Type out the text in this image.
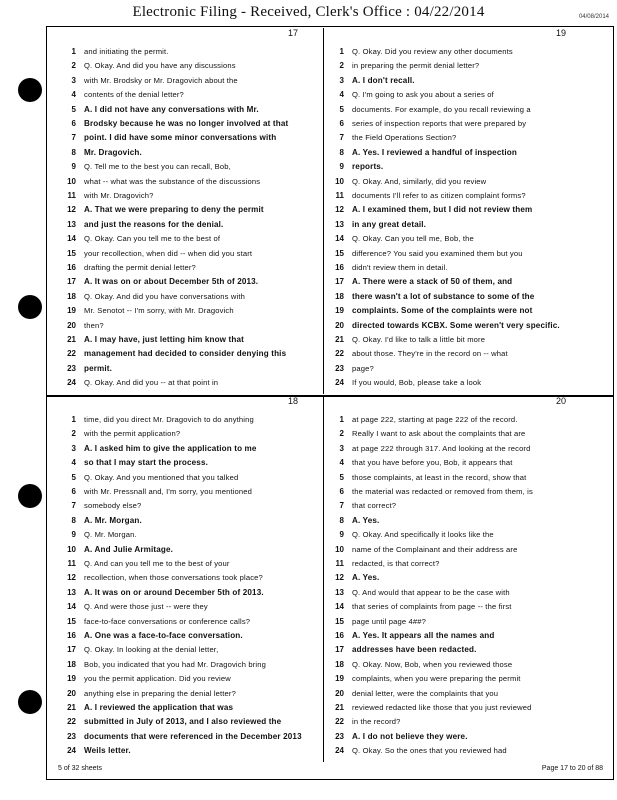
Electronic Filing - Received, Clerk's Office : 04/22/2014	04/08/2014
17
1 and initiating the permit.
2 Q. Okay. And did you have any discussions
3 with Mr. Brodsky or Mr. Dragovich about the
4 contents of the denial letter?
5 A. I did not have any conversations with Mr.
6 Brodsky because he was no longer involved at that
7 point. I did have some minor conversations with
8 Mr. Dragovich.
9 Q. Tell me to the best you can recall, Bob,
10 what -- what was the substance of the discussions
11 with Mr. Dragovich?
12 A. That we were preparing to deny the permit
13 and just the reasons for the denial.
14 Q. Okay. Can you tell me to the best of
15 your recollection, when did -- when did you start
16 drafting the permit denial letter?
17 A. It was on or about December 5th of 2013.
18 Q. Okay. And did you have conversations with
19 Mr. Senotot -- I'm sorry, with Mr. Dragovich
20 then?
21 A. I may have, just letting him know that
22 management had decided to consider denying this
23 permit.
24 Q. Okay. And did you -- at that point in
19
1 Q. Okay. Did you review any other documents
2 in preparing the permit denial letter?
3 A. I don't recall.
4 Q. I'm going to ask you about a series of
5 documents. For example, do you recall reviewing a
6 series of inspection reports that were prepared by
7 the Field Operations Section?
8 A. Yes. I reviewed a handful of inspection
9 reports.
10 Q. Okay. And, similarly, did you review
11 documents I'll refer to as citizen complaint forms?
12 A. I examined them, but I did not review them
13 in any great detail.
14 Q. Okay. Can you tell me, Bob, the
15 difference? You said you examined them but you
16 didn't review them in detail.
17 A. There were a stack of 50 of them, and
18 there wasn't a lot of substance to some of the
19 complaints. Some of the complaints were not
20 directed towards KCBX. Some weren't very specific.
21 Q. Okay. I'd like to talk a little bit more
22 about those. They're in the record on -- what
23 page?
24 If you would, Bob, please take a look
18
1 time, did you direct Mr. Dragovich to do anything
2 with the permit application?
3 A. I asked him to give the application to me
4 so that I may start the process.
5 Q. Okay. And you mentioned that you talked
6 with Mr. Pressnall and, I'm sorry, you mentioned
7 somebody else?
8 A. Mr. Morgan.
9 Q. Mr. Morgan.
10 A. And Julie Armitage.
11 Q. And can you tell me to the best of your
12 recollection, when those conversations took place?
13 A. It was on or around December 5th of 2013.
14 Q. And were those just -- were they
15 face-to-face conversations or conference calls?
16 A. One was a face-to-face conversation.
17 Q. Okay. In looking at the denial letter,
18 Bob, you indicated that you had Mr. Dragovich bring
19 you the permit application. Did you review
20 anything else in preparing the denial letter?
21 A. I reviewed the application that was
22 submitted in July of 2013, and I also reviewed the
23 documents that were referenced in the December 2013
24 Weils letter.
20
1 at page 222, starting at page 222 of the record.
2 Really I want to ask about the complaints that are
3 at page 222 through 317. And looking at the record
4 that you have before you, Bob, it appears that
5 those complaints, at least in the record, show that
6 the material was redacted or removed from them, is
7 that correct?
8 A. Yes.
9 Q. Okay. And specifically it looks like the
10 name of the Complainant and their address are
11 redacted, is that correct?
12 A. Yes.
13 Q. And would that appear to be the case with
14 that series of complaints from page -- the first
15 page until page 4##?
16 A. Yes. It appears all the names and
17 addresses have been redacted.
18 Q. Okay. Now, Bob, when you reviewed those
19 complaints, when you were preparing the permit
20 denial letter, were the complaints that you
21 reviewed redacted like those that you just reviewed
22 in the record?
23 A. I do not believe they were.
24 Q. Okay. So the ones that you reviewed had
5 of 32 sheets	Page 17 to 20 of 88
